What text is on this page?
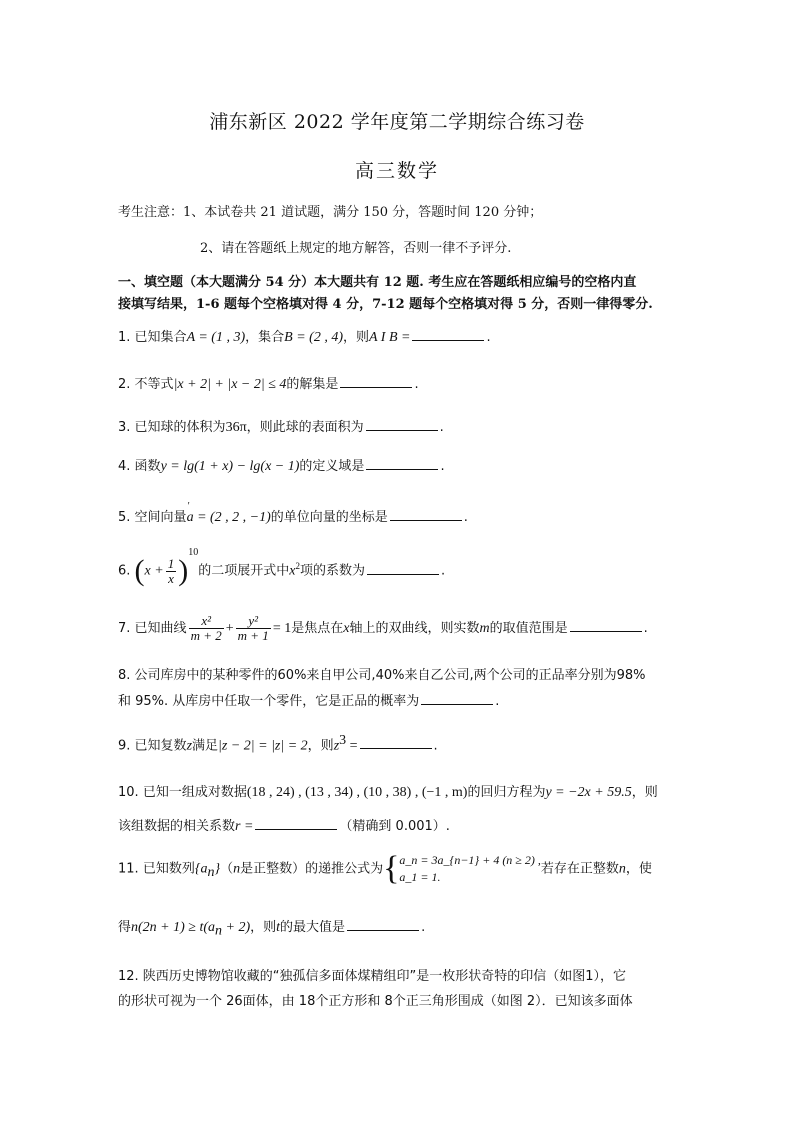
浦东新区 2022 学年度第二学期综合练习卷
高三数学
考生注意：1、本试卷共 21 道试题，满分 150 分，答题时间 120 分钟；
2、请在答题纸上规定的地方解答，否则一律不予评分.
一、填空题（本大题满分 54 分）本大题共有 12 题. 考生应在答题纸相应编号的空格内直
接填写结果，1-6 题每个空格填对得 4 分，7-12 题每个空格填对得 5 分，否则一律得零分.
1. 已知集合A = (1 , 3)，集合B = (2 , 4)，则A I B =	.
2. 不等式|x + 2| + |x − 2| ≤ 4的解集是	.
3. 已知球的体积为36π，则此球的表面积为	.
4. 函数y = lg(1 + x) − lg(x − 1)的定义域是	.
5. 空间向量
ʹ
a = (2 , 2 , −1)的单位向量的坐标是	.
6. $(x + \frac{1}{x} )^{10}$的二项展开式中$x^2$项的系数为	.
7. 已知曲线 $\frac{\text{x²}}{m + 2} + \frac{\text{y²}}{m + 1} = 1$是焦点在x轴上的双曲线，则实数m的取值范围是	.
8. 公司库房中的某种零件的60%来自甲公司,40%来自乙公司,两个公司的正品率分别为98%
和 95%. 从库房中任取一个零件，它是正品的概率为	.
9. 已知复数z满足|z − 2| = |z| = 2，则$z^3$ =	.
10. 已知一组成对数据(18 , 24) , (13 , 34) , (10 , 38) , (−1 , m)的回归方程为y = −2x + 59.5，则
该组数据的相关系数r =	（精确到 0.001）.
11. 已知数列$\{a_n\}(n$是正整数）的递推公式为{ a_n = 3a_{n−1} + 4 (n ≥ 2) ,
a_1 = 1.
若存在正整数n，使
得$n(2n + 1) \ge t(a_n + 2)$，则t的最大值是	.
12. 陕西历史博物馆收藏的“独孤信多面体煤精组印”是一枚形状奇特的印信（如图1），它
的形状可视为一个 26面体，由 18个正方形和 8个正三角形围成（如图 2）．已知该多面体
